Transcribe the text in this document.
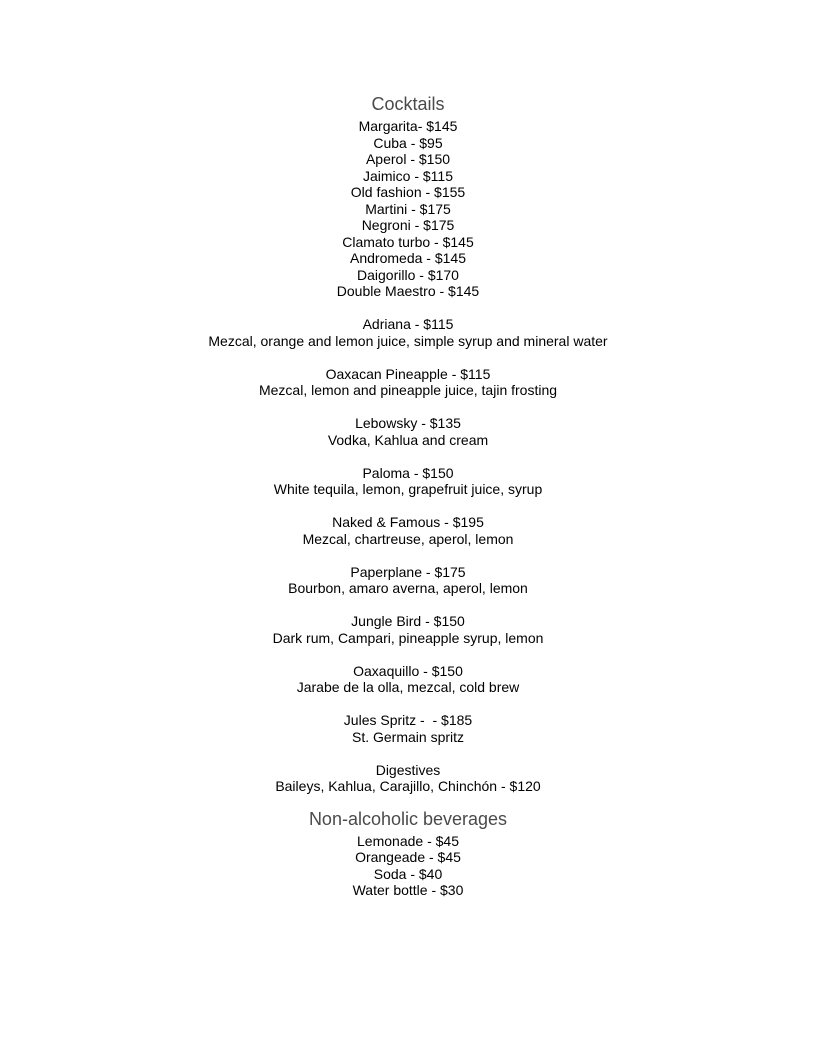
Cocktails

Margarita- $145

Cuba - $95

Aperol - $150

Jaimico - $115

Old fashion - $155

Martini - $175

Negroni - $175

Clamato turbo - $145

Andromeda - $145

Daigorillo - $170

Double Maestro - $145

Adriana - $115

Mezcal, orange and lemon juice, simple syrup and mineral water

Oaxacan Pineapple - $115

Mezcal, lemon and pineapple juice, tajin frosting

Lebowsky - $135

Vodka, Kahlua and cream

Paloma - $150

White tequila, lemon, grapefruit juice, syrup

Naked & Famous - $195

Mezcal, chartreuse, aperol, lemon

Paperplane - $175

Bourbon, amaro averna, aperol, lemon

Jungle Bird - $150

Dark rum, Campari, pineapple syrup, lemon

Oaxaquillo - $150

Jarabe de la olla, mezcal, cold brew

Jules Spritz -  - $185

St. Germain spritz

Digestives

Baileys, Kahlua, Carajillo, Chinchón - $120

Non-alcoholic beverages

Lemonade - $45

Orangeade - $45

Soda - $40

Water bottle - $30
